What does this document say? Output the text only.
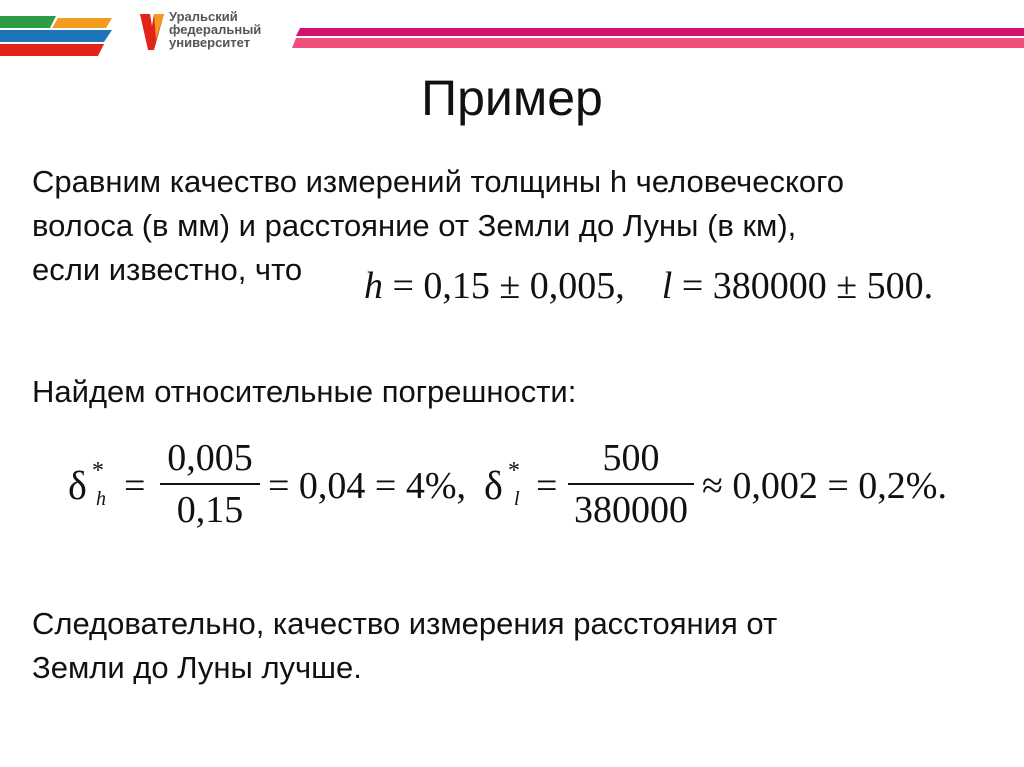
Уральский
федеральный
университет
Пример
Сравним качество измерений толщины h человеческого
волоса (в мм) и расстояние от Земли до Луны (в км),
если известно, что	h = 0,15 ± 0,005, l = 380000 ± 500.
Найдем относительные погрешности:
δ *
h =
0,005
0,15
= 0,04 = 4%, δ *
l =
500
380000
≈ 0,002 = 0,2%.
Следовательно, качество измерения расстояния от
Земли до Луны лучше.
